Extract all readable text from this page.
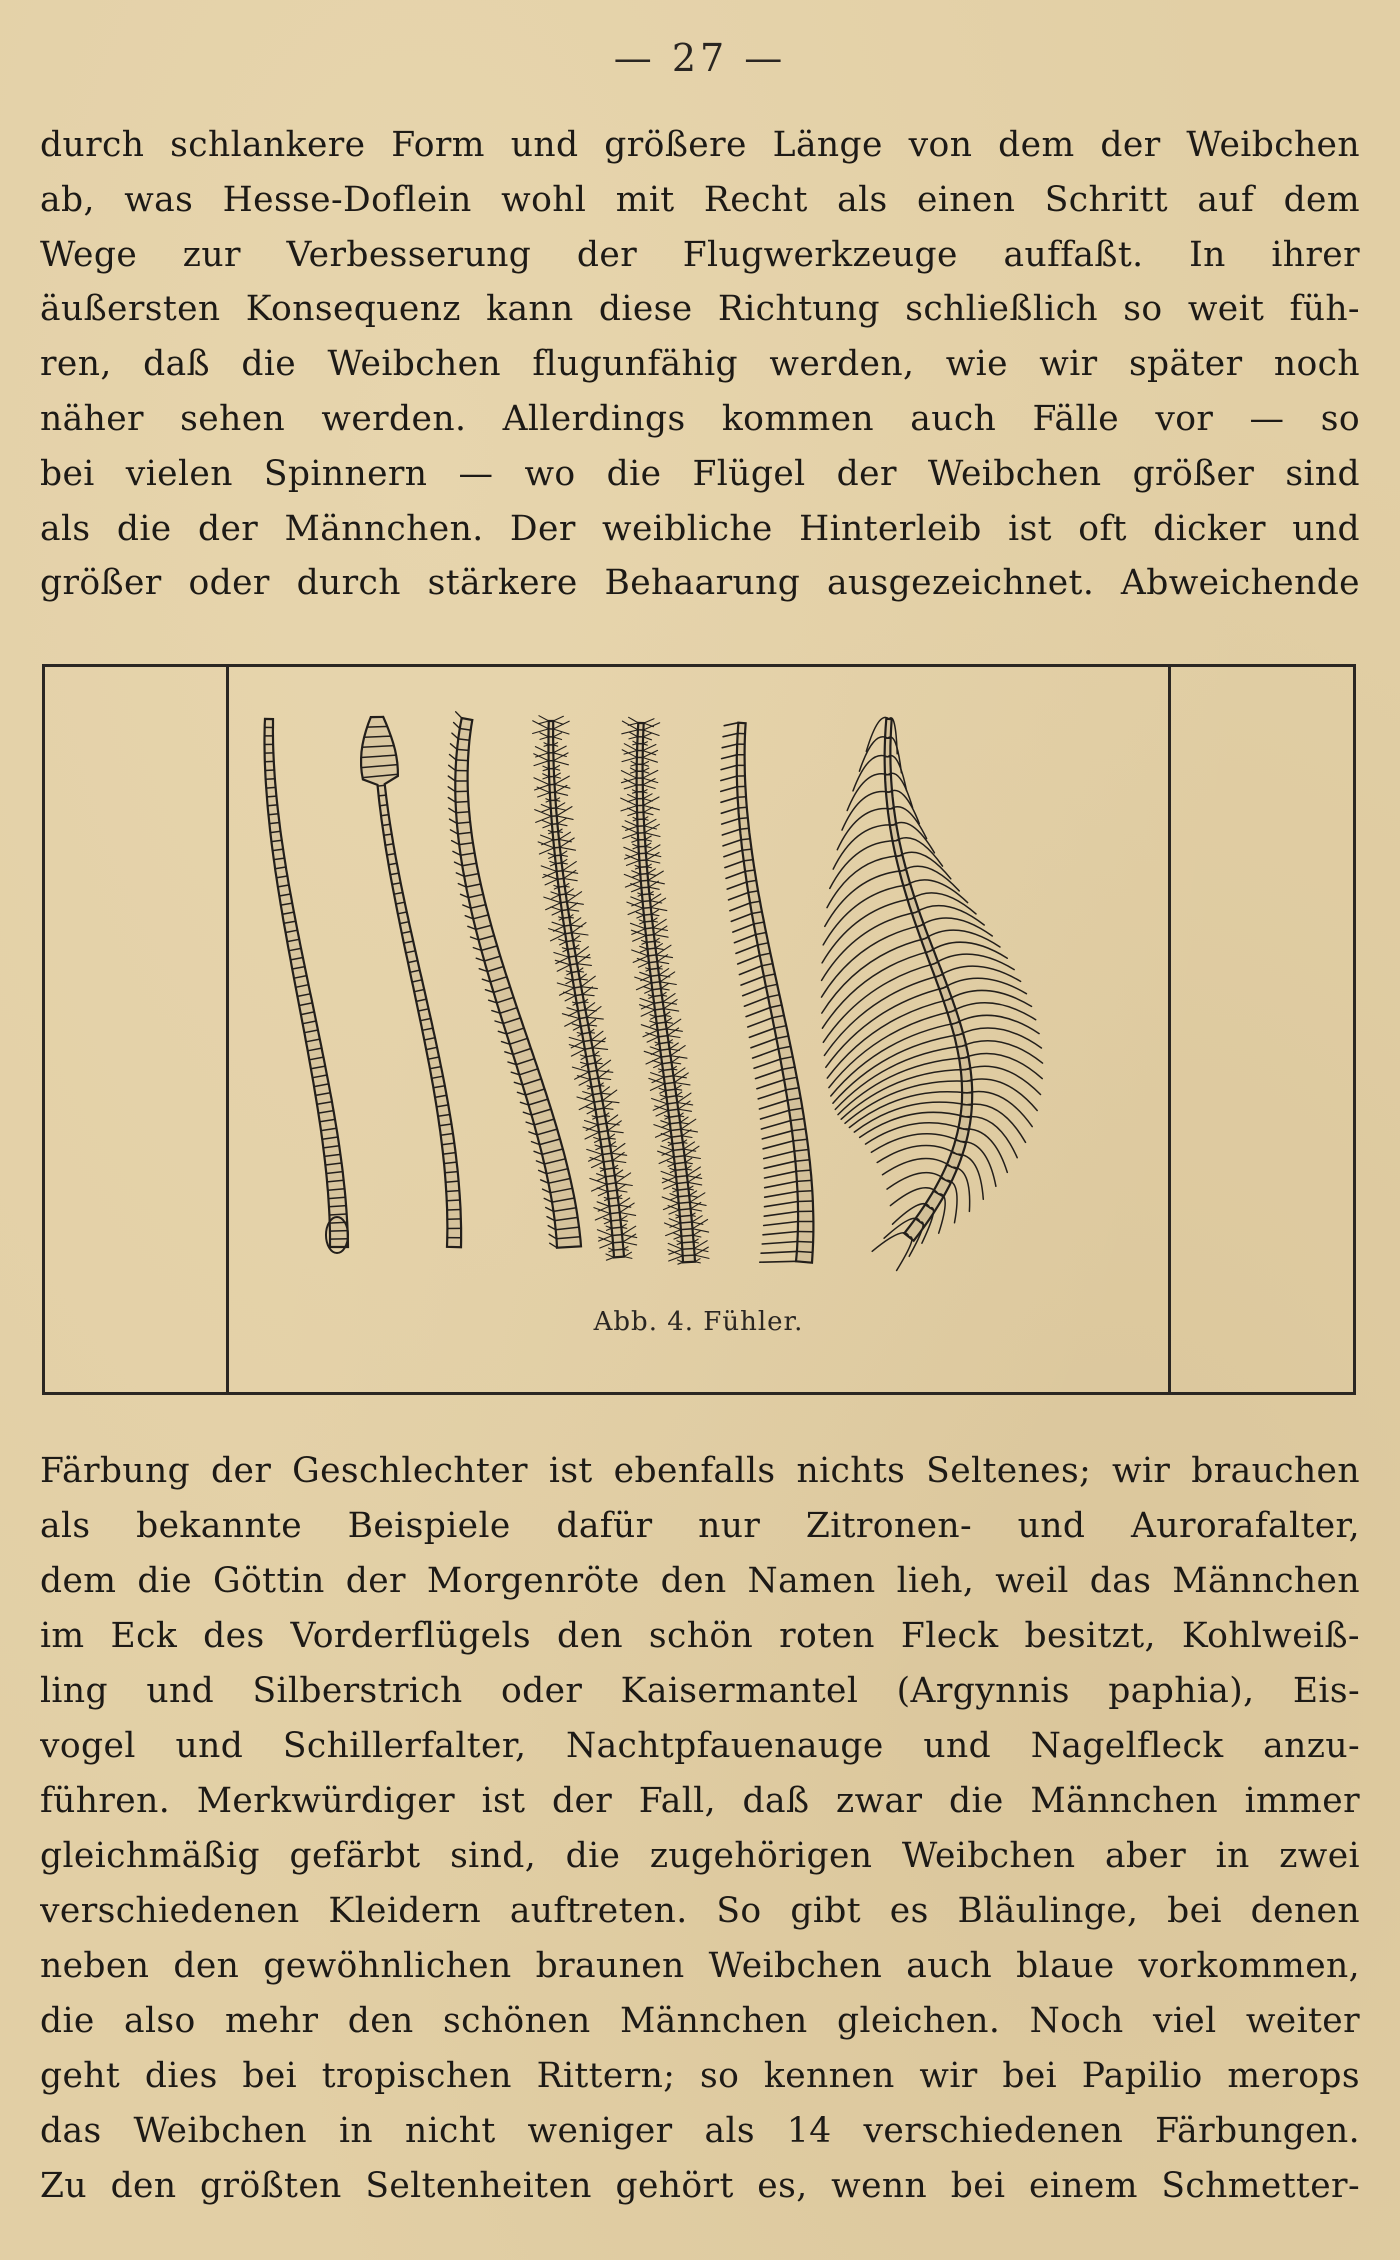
— 27 —
durch schlankere Form und größere Länge von dem der Weibchen
ab, was Hesse-Doflein wohl mit Recht als einen Schritt auf dem
Wege zur Verbesserung der Flugwerkzeuge auffaßt. In ihrer
äußersten Konsequenz kann diese Richtung schließlich so weit füh-
ren, daß die Weibchen flugunfähig werden, wie wir später noch
näher sehen werden. Allerdings kommen auch Fälle vor — so
bei vielen Spinnern — wo die Flügel der Weibchen größer sind
als die der Männchen. Der weibliche Hinterleib ist oft dicker und
größer oder durch stärkere Behaarung ausgezeichnet. Abweichende
Abb. 4. Fühler.
Färbung der Geschlechter ist ebenfalls nichts Seltenes; wir brauchen
als bekannte Beispiele dafür nur Zitronen- und Aurorafalter,
dem die Göttin der Morgenröte den Namen lieh, weil das Männchen
im Eck des Vorderflügels den schön roten Fleck besitzt, Kohlweiß-
ling und Silberstrich oder Kaisermantel (Argynnis paphia), Eis-
vogel und Schillerfalter, Nachtpfauenauge und Nagelfleck anzu-
führen. Merkwürdiger ist der Fall, daß zwar die Männchen immer
gleichmäßig gefärbt sind, die zugehörigen Weibchen aber in zwei
verschiedenen Kleidern auftreten. So gibt es Bläulinge, bei denen
neben den gewöhnlichen braunen Weibchen auch blaue vorkommen,
die also mehr den schönen Männchen gleichen. Noch viel weiter
geht dies bei tropischen Rittern; so kennen wir bei Papilio merops
das Weibchen in nicht weniger als 14 verschiedenen Färbungen.
Zu den größten Seltenheiten gehört es, wenn bei einem Schmetter-
